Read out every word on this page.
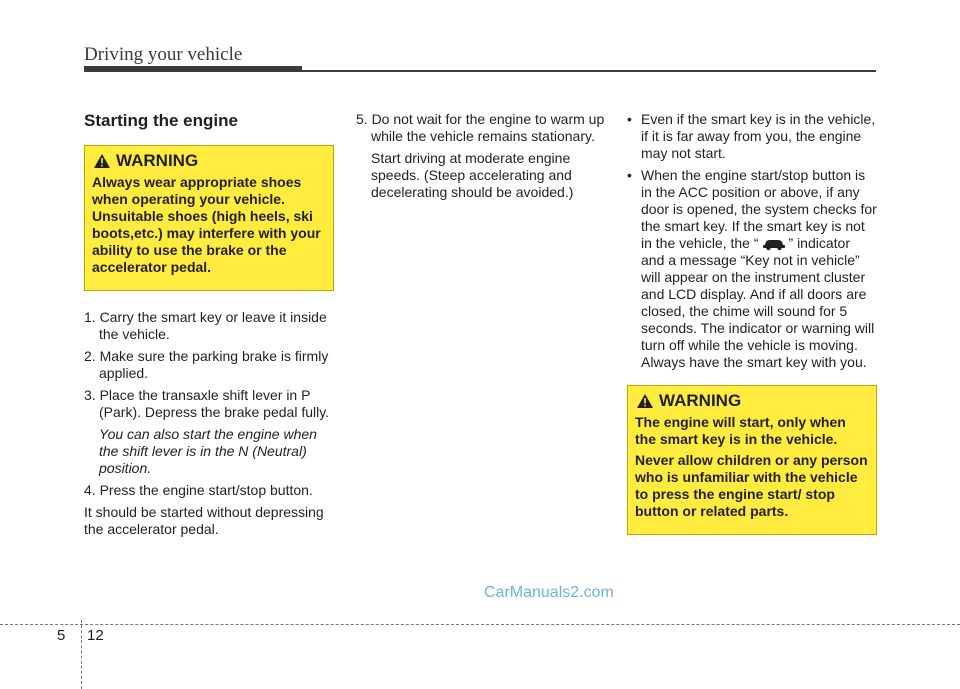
Driving your vehicle
Starting the engine
WARNING

Always wear appropriate shoes when operating your vehicle. Unsuitable shoes (high heels, ski boots,etc.) may interfere with your ability to use the brake or the accelerator pedal.

1. Carry the smart key or leave it inside the vehicle.

2. Make sure the parking brake is firmly applied.

3. Place the transaxle shift lever in P (Park). Depress the brake pedal fully.

You can also start the engine when the shift lever is in the N (Neutral) position.

4. Press the engine start/stop button.

It should be started without depressing the accelerator pedal.

5. Do not wait for the engine to warm up while the vehicle remains stationary.

Start driving at moderate engine speeds. (Steep accelerating and decelerating should be avoided.)

• Even if the smart key is in the vehicle, if it is far away from you, the engine may not start.

• When the engine start/stop button is in the ACC position or above, if any door is opened, the system checks for the smart key. If the smart key is not in the vehicle, the “ ” indicator and a message “Key not in vehicle” will appear on the instrument cluster and LCD display. And if all doors are closed, the chime will sound for 5 seconds. The indicator or warning will turn off while the vehicle is moving. Always have the smart key with you.

WARNING

The engine will start, only when the smart key is in the vehicle.

Never allow children or any person who is unfamiliar with the vehicle to press the engine start/ stop button or related parts.

CarManuals2.com
5 12
